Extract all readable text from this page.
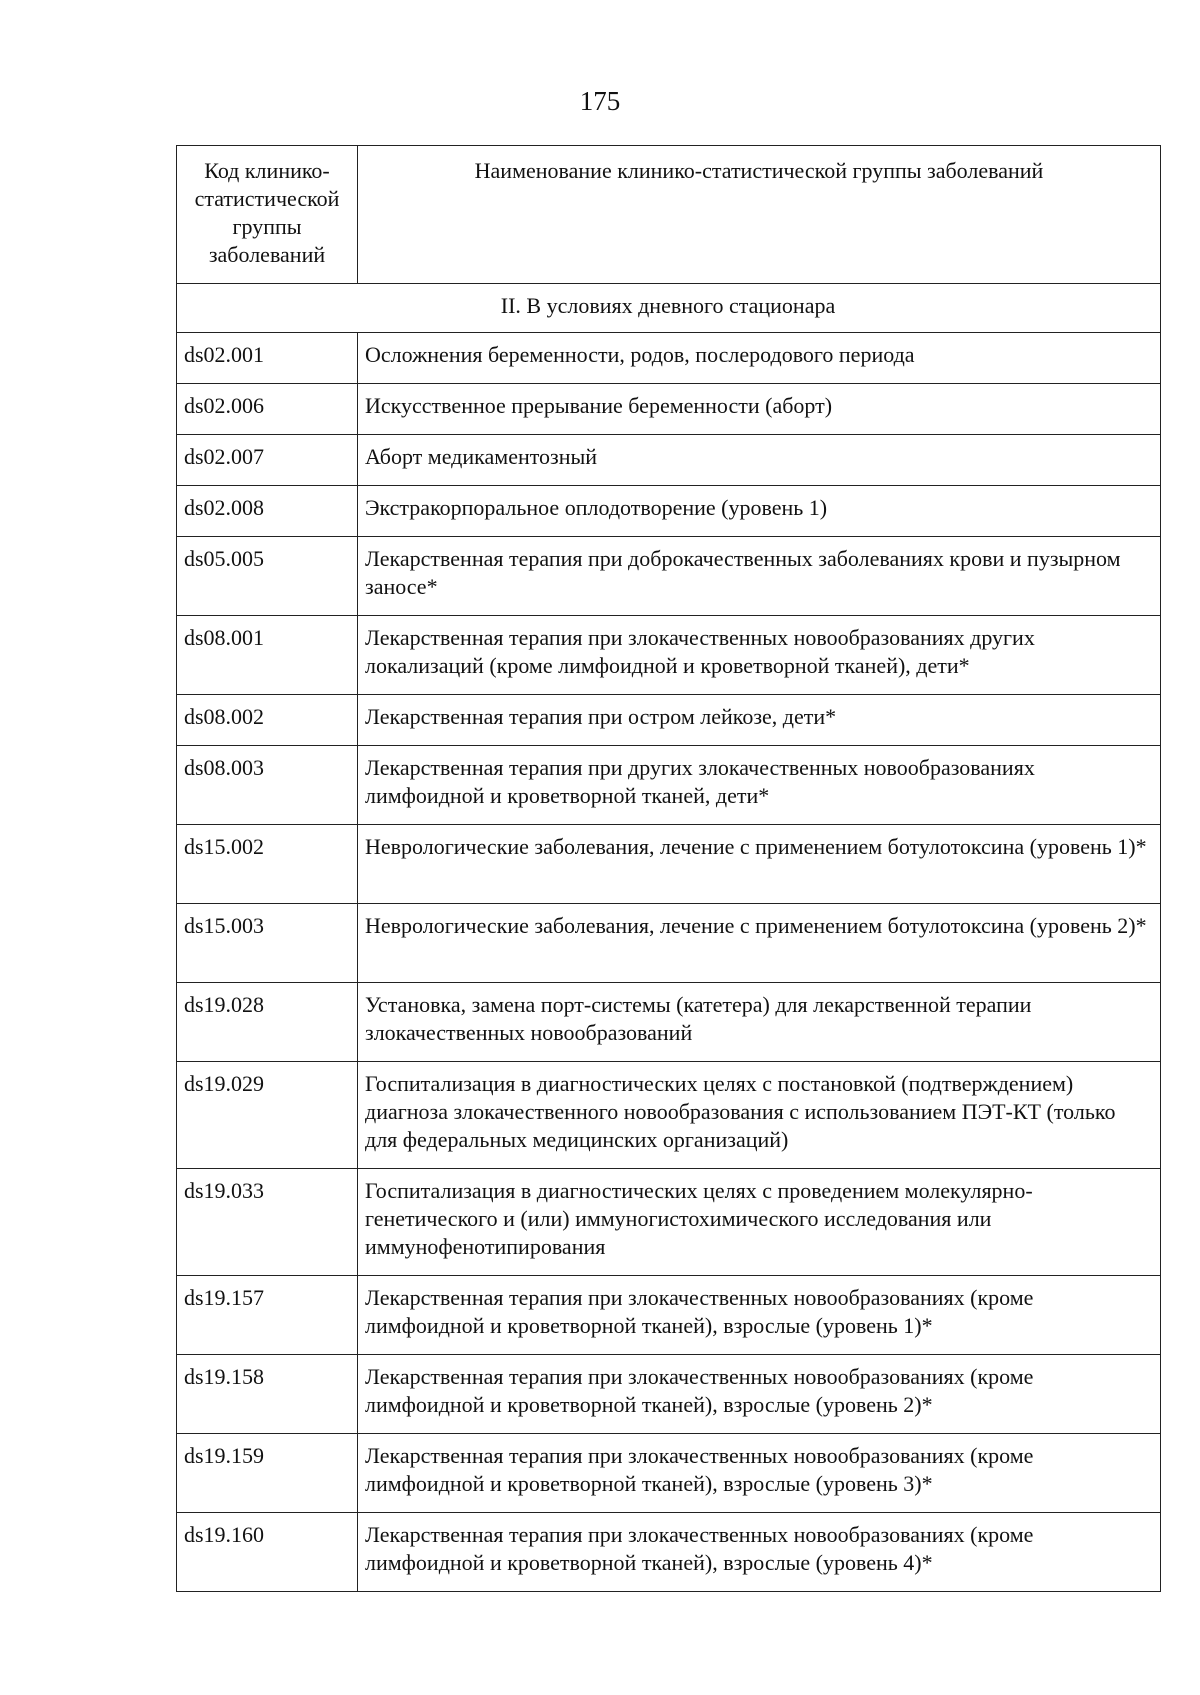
175
Код клинико-статистической группы заболеваний	Наименование клинико-статистической группы заболеваний
II. В условиях дневного стационара	
ds02.001	Осложнения беременности, родов, послеродового периода
ds02.006	Искусственное прерывание беременности (аборт)
ds02.007	Аборт медикаментозный
ds02.008	Экстракорпоральное оплодотворение (уровень 1)
ds05.005	Лекарственная терапия при доброкачественных заболеваниях крови и пузырном заносе*
ds08.001	Лекарственная терапия при злокачественных новообразованиях других локализаций (кроме лимфоидной и кроветворной тканей), дети*
ds08.002	Лекарственная терапия при остром лейкозе, дети*
ds08.003	Лекарственная терапия при других злокачественных новообразованиях лимфоидной и кроветворной тканей, дети*
ds15.002	Неврологические заболевания, лечение с применением ботулотоксина (уровень 1)*
ds15.003	Неврологические заболевания, лечение с применением ботулотоксина (уровень 2)*
ds19.028	Установка, замена порт-системы (катетера) для лекарственной терапии злокачественных новообразований
ds19.029	Госпитализация в диагностических целях с постановкой (подтверждением) диагноза злокачественного новообразования с использованием ПЭТ-КТ (только для федеральных медицинских организаций)
ds19.033	Госпитализация в диагностических целях с проведением молекулярно-генетического и (или) иммуногистохимического исследования или иммунофенотипирования
ds19.157	Лекарственная терапия при злокачественных новообразованиях (кроме лимфоидной и кроветворной тканей), взрослые (уровень 1)*
ds19.158	Лекарственная терапия при злокачественных новообразованиях (кроме лимфоидной и кроветворной тканей), взрослые (уровень 2)*
ds19.159	Лекарственная терапия при злокачественных новообразованиях (кроме лимфоидной и кроветворной тканей), взрослые (уровень 3)*
ds19.160	Лекарственная терапия при злокачественных новообразованиях (кроме лимфоидной и кроветворной тканей), взрослые (уровень 4)*
